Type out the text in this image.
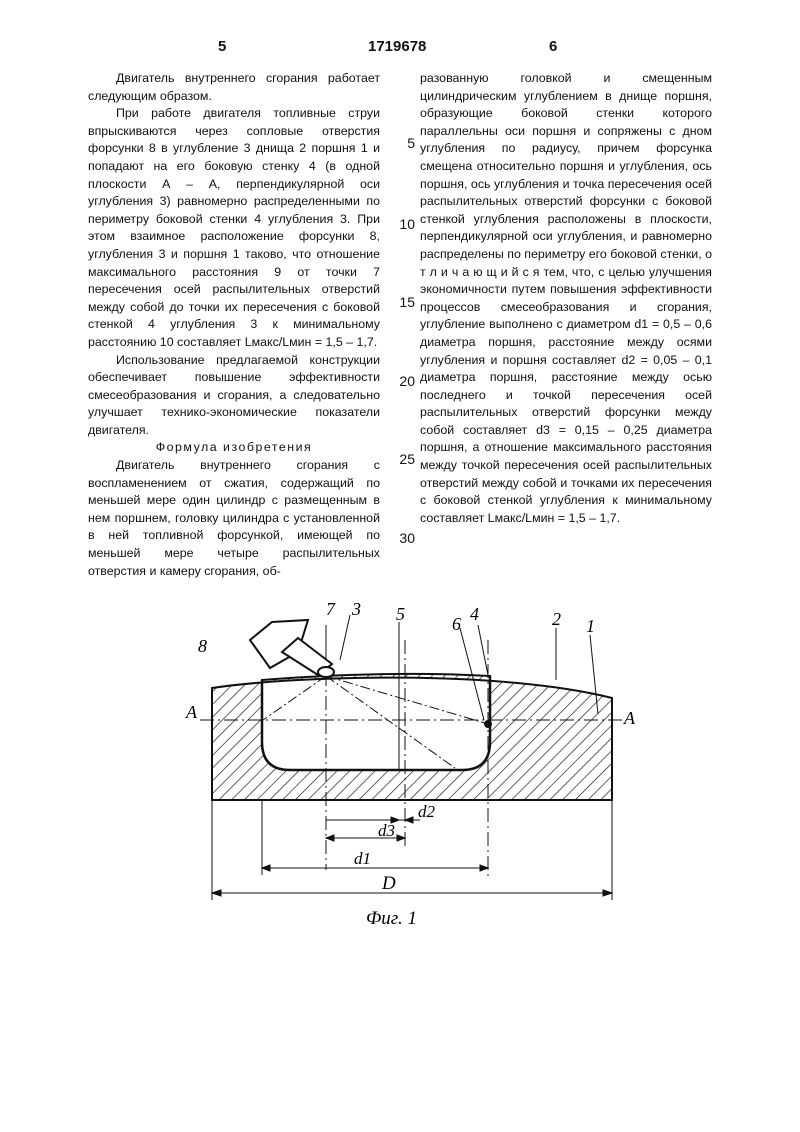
5	1719678	6

Двигатель внутреннего сгорания работает следующим образом.

При работе двигателя топливные струи впрыскиваются через сопловые отверстия форсунки 8 в углубление 3 днища 2 поршня 1 и попадают на его боковую стенку 4 (в одной плоскости А – А, перпендикулярной оси углубления 3) равномерно распределенными по периметру боковой стенки 4 углубления 3. При этом взаимное расположение форсунки 8, углубления 3 и поршня 1 таково, что отношение максимального расстояния 9 от точки 7 пересечения осей распылительных отверстий между собой до точки их пересечения с боковой стенкой 4 углубления 3 к минимальному расстоянию 10 составляет Lмакс/Lмин = 1,5 – 1,7.

Использование предлагаемой конструкции обеспечивает повышение эффективности смесеобразования и сгорания, а следовательно улучшает технико-экономические показатели двигателя.

Формула изобретения

Двигатель внутреннего сгорания с воспламенением от сжатия, содержащий по меньшей мере один цилиндр с размещенным в нем поршнем, головку цилиндра с установленной в ней топливной форсункой, имеющей по меньшей мере четыре распылительных отверстия и камеру сгорания, об-

5
10
15
20
25
30

разованную головкой и смещенным цилиндрическим углублением в днище поршня, образующие боковой стенки которого параллельны оси поршня и сопряжены с дном углубления по радиусу, причем форсунка смещена относительно поршня и углубления, ось поршня, ось углубления и точка пересечения осей распылительных отверстий форсунки с боковой стенкой углубления расположены в плоскости, перпендикулярной оси углубления, и равномерно распределены по периметру его боковой стенки, о т л и ч а ю щ и й с я тем, что, с целью улучшения экономичности путем повышения эффективности процессов смесеобразования и сгорания, углубление выполнено с диаметром d1 = 0,5 – 0,6 диаметра поршня, расстояние между осями углубления и поршня составляет d2 = 0,05 – 0,1 диаметра поршня, расстояние между осью последнего и точкой пересечения осей распылительных отверстий форсунки между собой составляет d3 = 0,15 – 0,25 диаметра поршня, а отношение максимального расстояния между точкой пересечения осей распылительных отверстий между собой и точками их пересечения с боковой стенкой углубления к минимальному составляет Lмакс/Lмин = 1,5 – 1,7.

8
7 3 5	6 4	2 1
А	А
d2
d3
d1
D
Фиг. 1
